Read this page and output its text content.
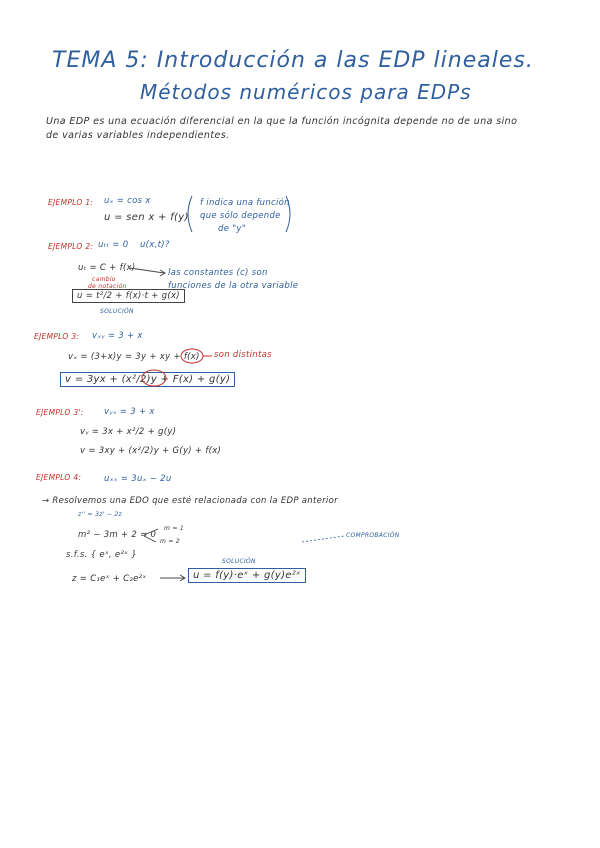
TEMA 5: Introducción a las EDP lineales.
Métodos numéricos para EDPs
Una EDP es una ecuación diferencial en la que la función incógnita depende no de una sino
de varias variables independientes.
EJEMPLO 1: uₓ = cos x
u = sen x + f(y)
f indica una función
que sólo depende
de "y"
EJEMPLO 2: uₜₜ = 0 u(x,t)?
uₜ = C + f(x)
cambio
de notación
u = t²/2 + f(x)·t + g(x)
SOLUCIÓN
las constantes (c) son
funciones de la otra variable
EJEMPLO 3: vₓᵧ = 3 + x
vₓ = (3+x)y = 3y + xy + f(x) son distintas
v = 3yx + (x²/2)y + F(x) + g(y)
EJEMPLO 3': vᵧₓ = 3 + x
vᵧ = 3x + x²/2 + g(y)
v = 3xy + (x²/2)y + G(y) + f(x)
EJEMPLO 4:	uₓₓ = 3uₓ − 2u
→ Resolvemos una EDO que esté relacionada con la EDP anterior
z'' = 3z' − 2z
m² − 3m + 2 = 0
m = 1
m = 2
COMPROBACIÓN
s.f.s. { eˣ, e²ˣ }
SOLUCIÓN
z = C₁eˣ + C₂e²ˣ	u = f(y)·eˣ + g(y)e²ˣ
